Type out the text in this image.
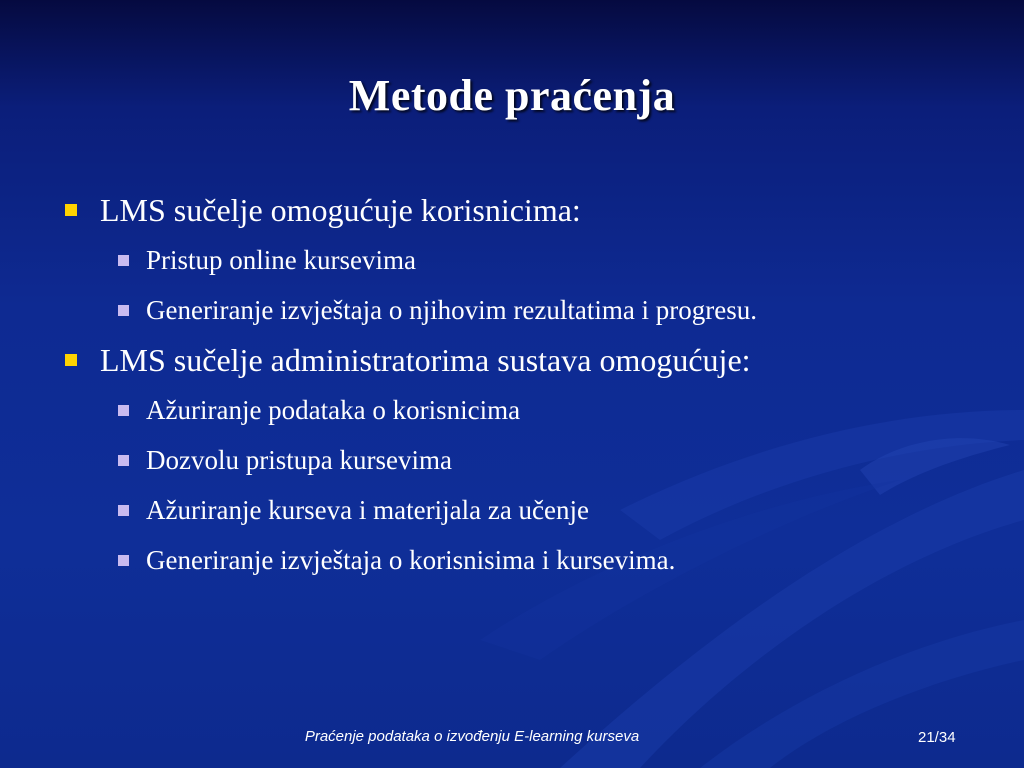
Metode praćenja
LMS sučelje omogućuje korisnicima:
Pristup online kursevima
Generiranje izvještaja o njihovim rezultatima i progresu.
LMS sučelje administratorima sustava omogućuje:
Ažuriranje podataka o korisnicima
Dozvolu pristupa kursevima
Ažuriranje kurseva i materijala za učenje
Generiranje izvještaja o korisnisima i kursevima.
Praćenje podataka o izvođenju E-learning kurseva	21/34
